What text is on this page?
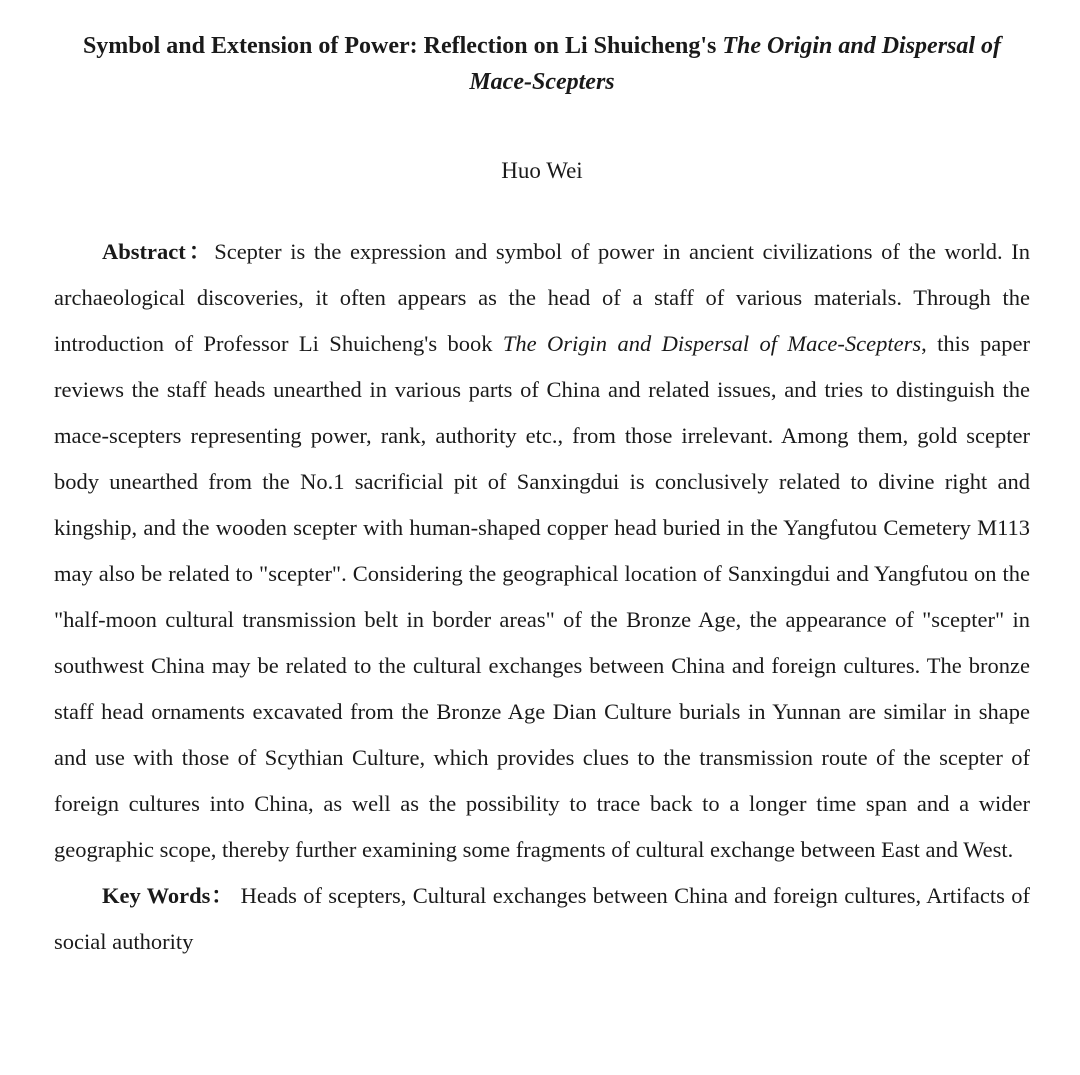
Symbol and Extension of Power: Reflection on Li Shuicheng's The Origin and Dispersal of Mace-Scepters
Huo Wei

Abstract：Scepter is the expression and symbol of power in ancient civilizations of the world. In archaeological discoveries, it often appears as the head of a staff of various materials. Through the introduction of Professor Li Shuicheng's book The Origin and Dispersal of Mace-Scepters, this paper reviews the staff heads unearthed in various parts of China and related issues, and tries to distinguish the mace-scepters representing power, rank, authority etc., from those irrelevant. Among them, gold scepter body unearthed from the No.1 sacrificial pit of Sanxingdui is conclusively related to divine right and kingship, and the wooden scepter with human-shaped copper head buried in the Yangfutou Cemetery M113 may also be related to "scepter". Considering the geographical location of Sanxingdui and Yangfutou on the "half-moon cultural transmission belt in border areas" of the Bronze Age, the appearance of "scepter" in southwest China may be related to the cultural exchanges between China and foreign cultures. The bronze staff head ornaments excavated from the Bronze Age Dian Culture burials in Yunnan are similar in shape and use with those of Scythian Culture, which provides clues to the transmission route of the scepter of foreign cultures into China, as well as the possibility to trace back to a longer time span and a wider geographic scope, thereby further examining some fragments of cultural exchange between East and West.

Key Words： Heads of scepters, Cultural exchanges between China and foreign cultures, Artifacts of social authority
